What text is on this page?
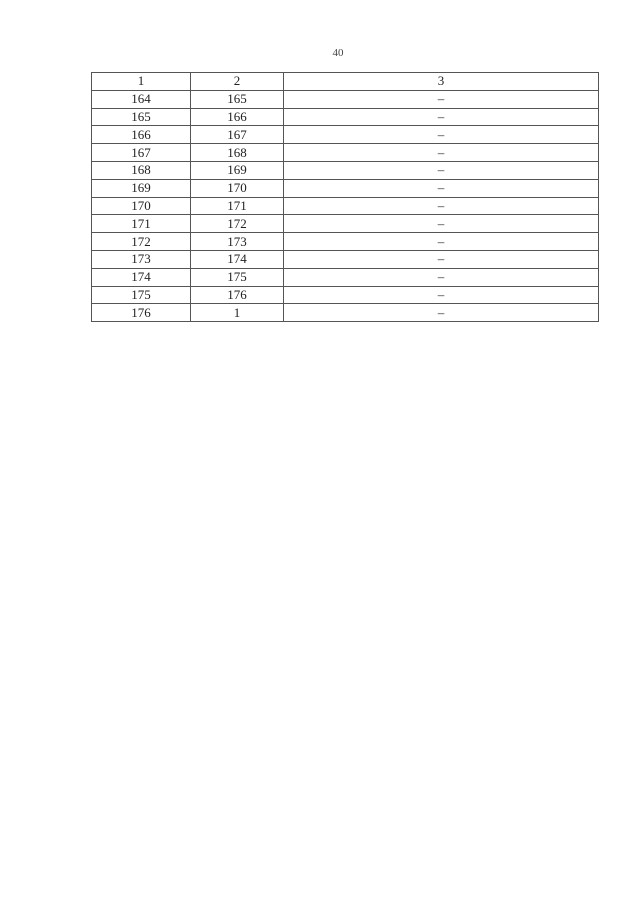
40
1	2	3
164	165	–
165	166	–
166	167	–
167	168	–
168	169	–
169	170	–
170	171	–
171	172	–
172	173	–
173	174	–
174	175	–
175	176	–
176	1	–
